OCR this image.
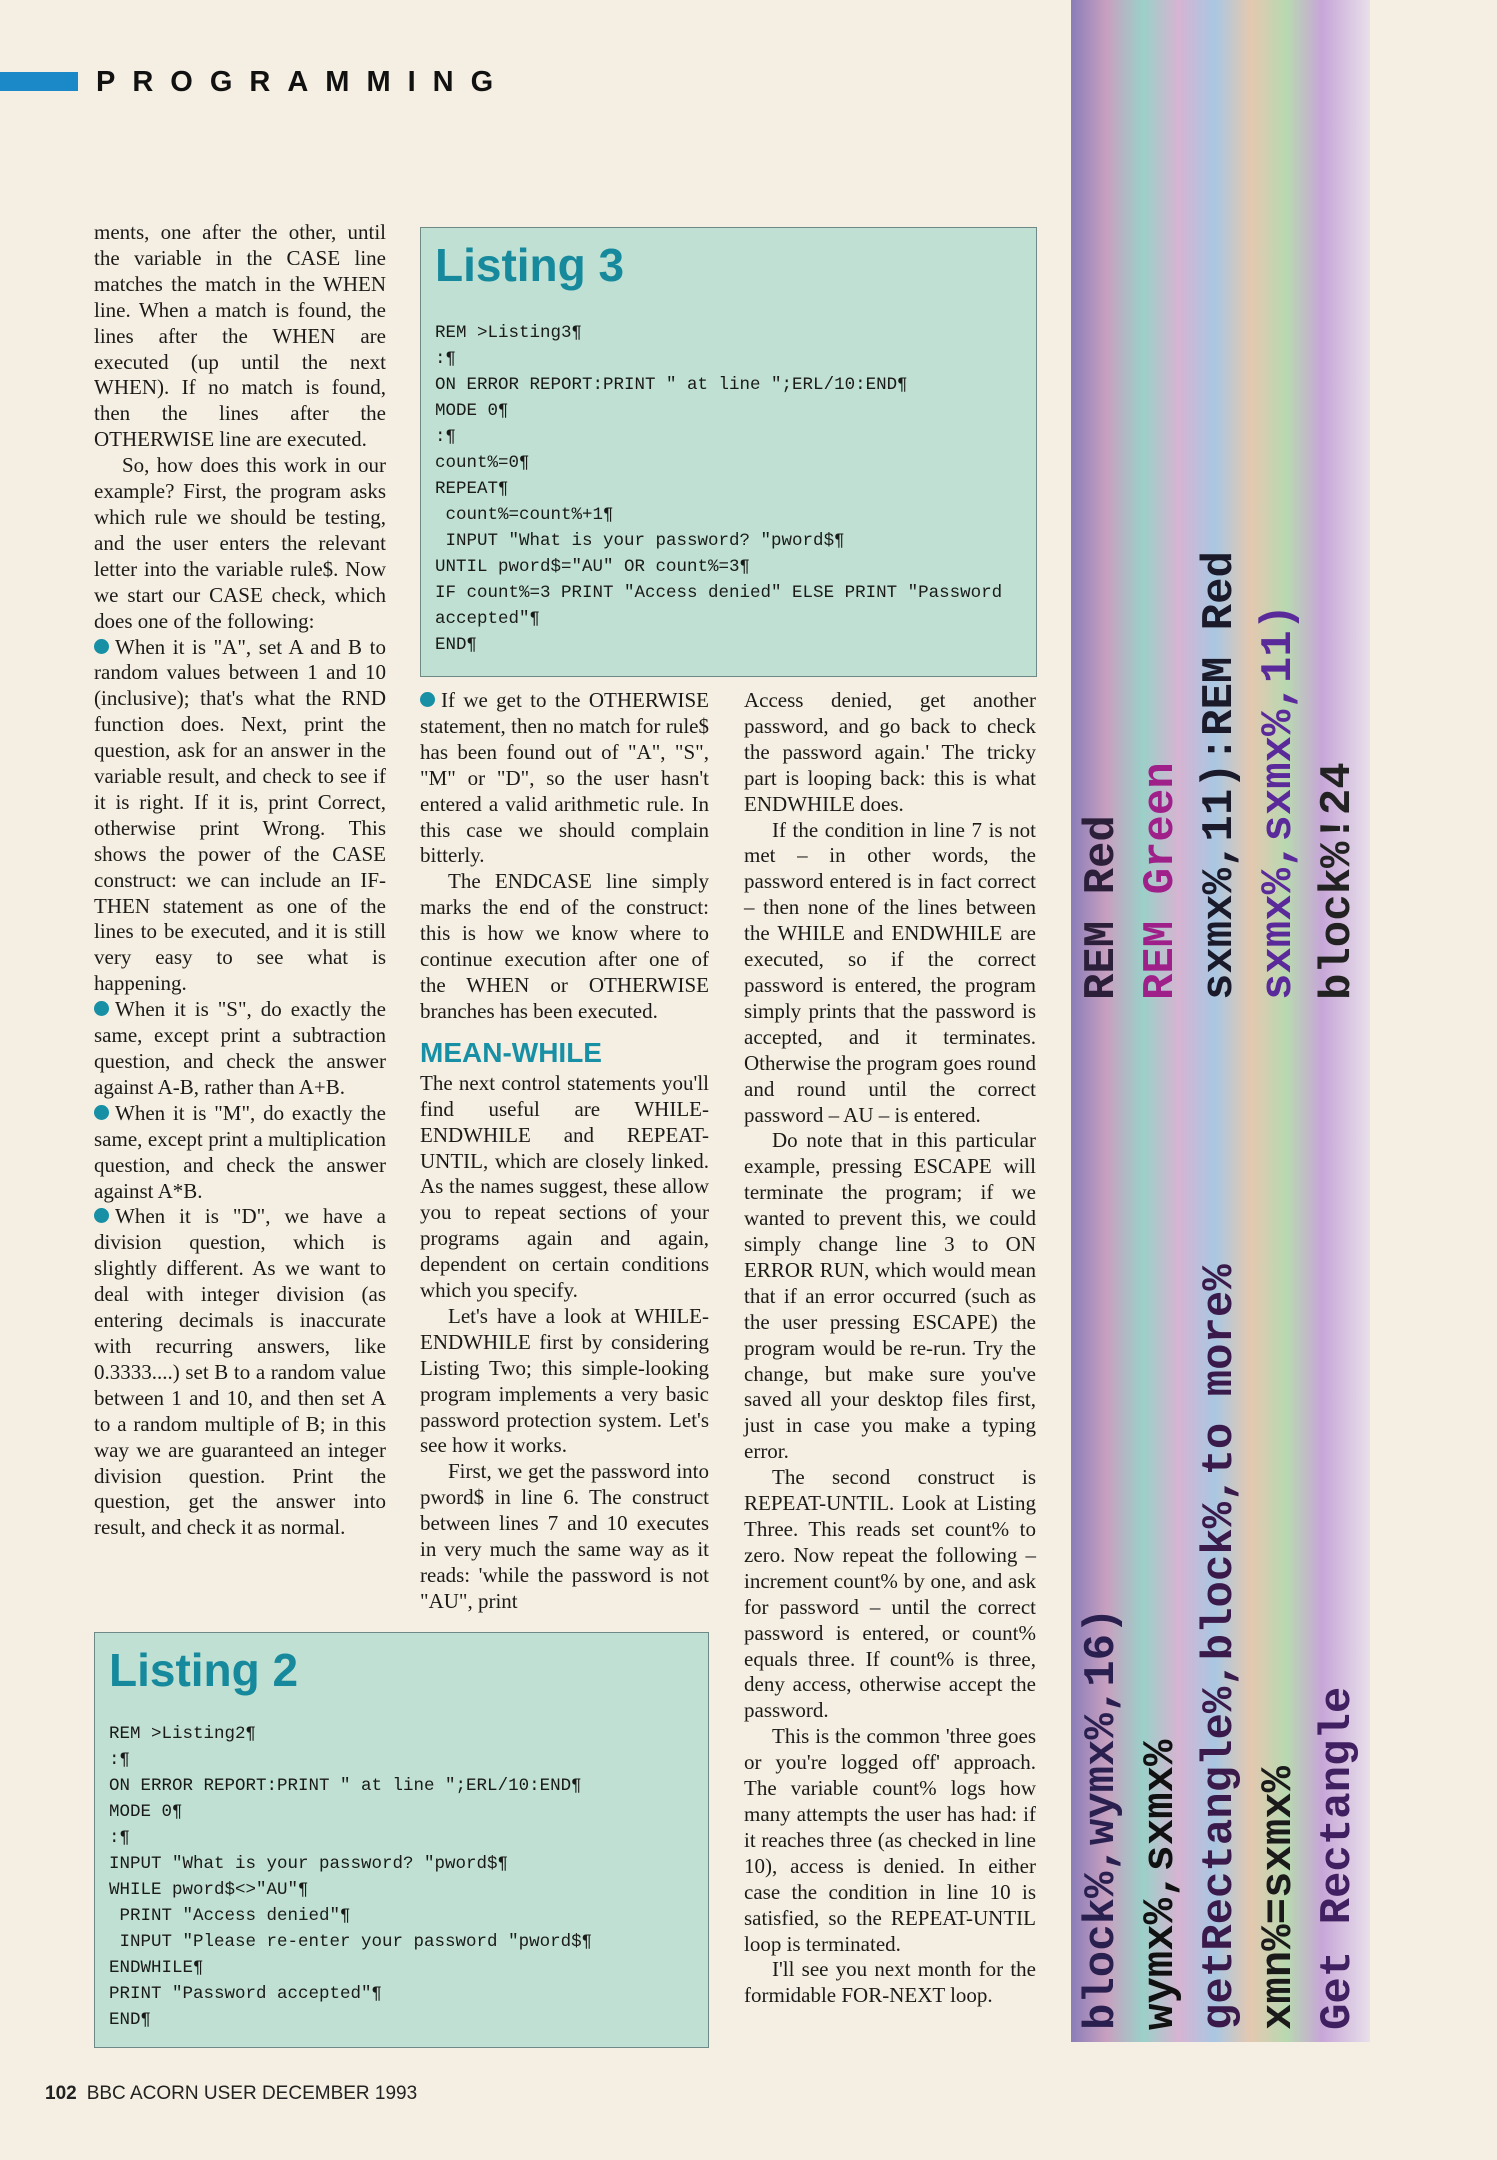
PROGRAMMING

ments, one after the other, until the variable in the CASE line matches the match in the WHEN line. When a match is found, the lines after the WHEN are executed (up until the next WHEN). If no match is found, then the lines after the OTHERWISE line are executed.

So, how does this work in our example? First, the program asks which rule we should be testing, and the user enters the relevant letter into the variable rule$. Now we start our CASE check, which does one of the following:

When it is "A", set A and B to random values between 1 and 10 (inclusive); that's what the RND function does. Next, print the question, ask for an answer in the variable result, and check to see if it is right. If it is, print Correct, otherwise print Wrong. This shows the power of the CASE construct: we can include an IF-THEN statement as one of the lines to be executed, and it is still very easy to see what is happening.

When it is "S", do exactly the same, except print a subtraction question, and check the answer against A-B, rather than A+B.

When it is "M", do exactly the same, except print a multiplication question, and check the answer against A*B.

When it is "D", we have a division question, which is slightly different. As we want to deal with integer division (as entering decimals is inaccurate with recurring answers, like 0.3333....) set B to a random value between 1 and 10, and then set A to a random multiple of B; in this way we are guaranteed an integer division question. Print the question, get the answer into result, and check it as normal.

Listing 3
REM >Listing3¶
:¶
ON ERROR REPORT:PRINT " at line ";ERL/10:END¶
MODE 0¶
:¶
count%=0¶
REPEAT¶
count%=count%+1¶
INPUT "What is your password? "pword$¶
UNTIL pword$="AU" OR count%=3¶
IF count%=3 PRINT "Access denied" ELSE PRINT "Password
accepted"¶
END¶

If we get to the OTHERWISE statement, then no match for rule$ has been found out of "A", "S", "M" or "D", so the user hasn't entered a valid arithmetic rule. In this case we should complain bitterly.

The ENDCASE line simply marks the end of the construct: this is how we know where to continue execution after one of the WHEN or OTHERWISE branches has been executed.

MEAN-WHILE

The next control statements you'll find useful are WHILE-ENDWHILE and REPEAT-UNTIL, which are closely linked. As the names suggest, these allow you to repeat sections of your programs again and again, dependent on certain conditions which you specify.

Let's have a look at WHILE-ENDWHILE first by considering Listing Two; this simple-looking program implements a very basic password protection system. Let's see how it works.

First, we get the password into pword$ in line 6. The construct between lines 7 and 10 executes in very much the same way as it reads: 'while the password is not "AU", print

Access denied, get another password, and go back to check the password again.' The tricky part is looping back: this is what ENDWHILE does.

If the condition in line 7 is not met – in other words, the password entered is in fact correct – then none of the lines between the WHILE and ENDWHILE are executed, so if the correct password is entered, the program simply prints that the password is accepted, and it terminates. Otherwise the program goes round and round until the correct password – AU – is entered.

Do note that in this particular example, pressing ESCAPE will terminate the program; if we wanted to prevent this, we could simply change line 3 to ON ERROR RUN, which would mean that if an error occurred (such as the user pressing ESCAPE) the program would be re-run. Try the change, but make sure you've saved all your desktop files first, just in case you make a typing error.

The second construct is REPEAT-UNTIL. Look at Listing Three. This reads set count% to zero. Now repeat the following – increment count% by one, and ask for password – until the correct password is entered, or count% equals three. If count% is three, deny access, otherwise accept the password.

This is the common 'three goes or you're logged off' approach. The variable count% logs how many attempts the user has had: if it reaches three (as checked in line 10), access is denied. In either case the condition in line 10 is satisfied, so the REPEAT-UNTIL loop is terminated.

I'll see you next month for the formidable FOR-NEXT loop.

Listing 2
REM >Listing2¶
:¶
ON ERROR REPORT:PRINT " at line ";ERL/10:END¶
MODE 0¶
:¶
INPUT "What is your password? "pword$¶
WHILE pword$<>"AU"¶
PRINT "Access denied"¶
INPUT "Please re-enter your password "pword$¶
ENDWHILE¶
PRINT "Password accepted"¶
END¶
REM Red REM Green sxmx%,11):REM Red sxmx%,sxmx%,11) block%!24
block%,wymx%,16) wymx%,sxmx% getRectangle%,block%,to more% xmn%=sxmx% Get Rectangle
102 BBC ACORN USER DECEMBER 1993
